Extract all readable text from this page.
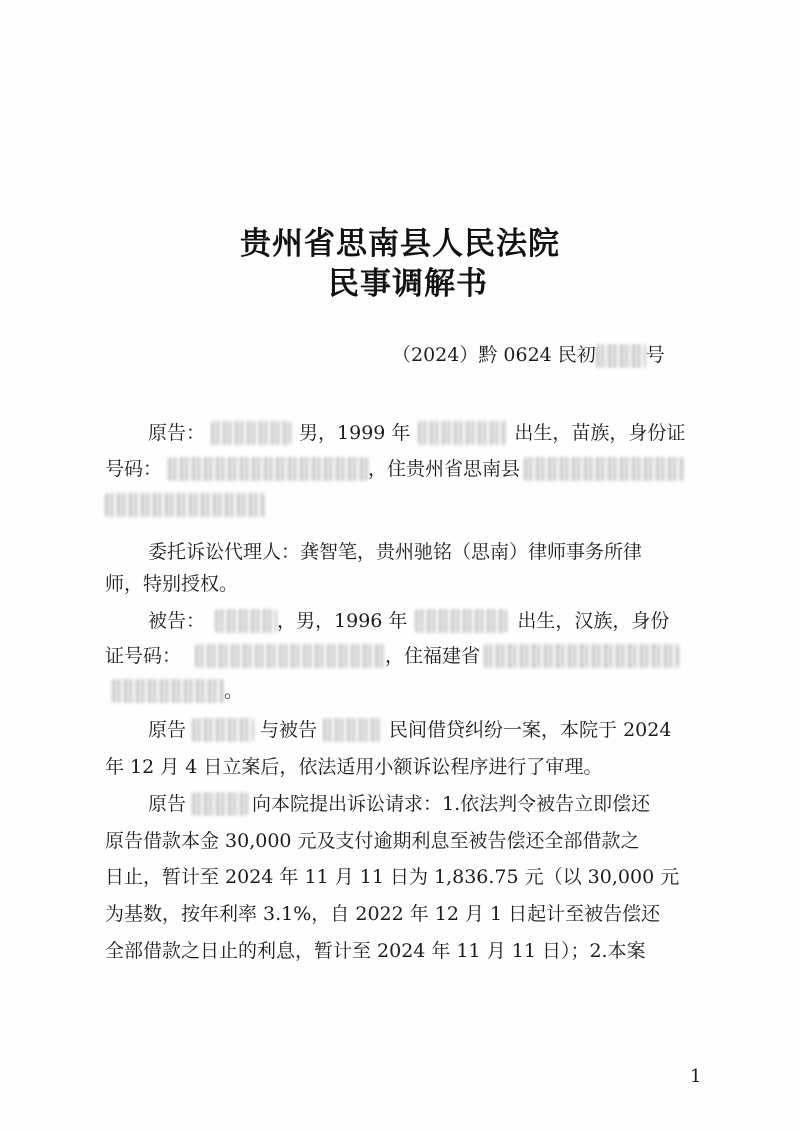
贵州省思南县人民法院
民事调解书
（2024）黔 0624 民初	号
原告：	男，1999 年	出生，苗族，身份证
号码：	，住贵州省思南县
委托诉讼代理人：龚智笔，贵州驰铭（思南）律师事务所律
师，特别授权。
被告：	，男，1996 年	出生，汉族，身份
证号码：	，住福建省
。
原告	与被告	民间借贷纠纷一案，本院于 2024
年 12 月 4 日立案后，依法适用小额诉讼程序进行了审理。
原告	向本院提出诉讼请求：1.依法判令被告立即偿还
原告借款本金 30,000 元及支付逾期利息至被告偿还全部借款之
日止，暂计至 2024 年 11 月 11 日为 1,836.75 元（以 30,000 元
为基数，按年利率 3.1%，自 2022 年 12 月 1 日起计至被告偿还
全部借款之日止的利息，暂计至 2024 年 11 月 11 日）；2.本案
1
